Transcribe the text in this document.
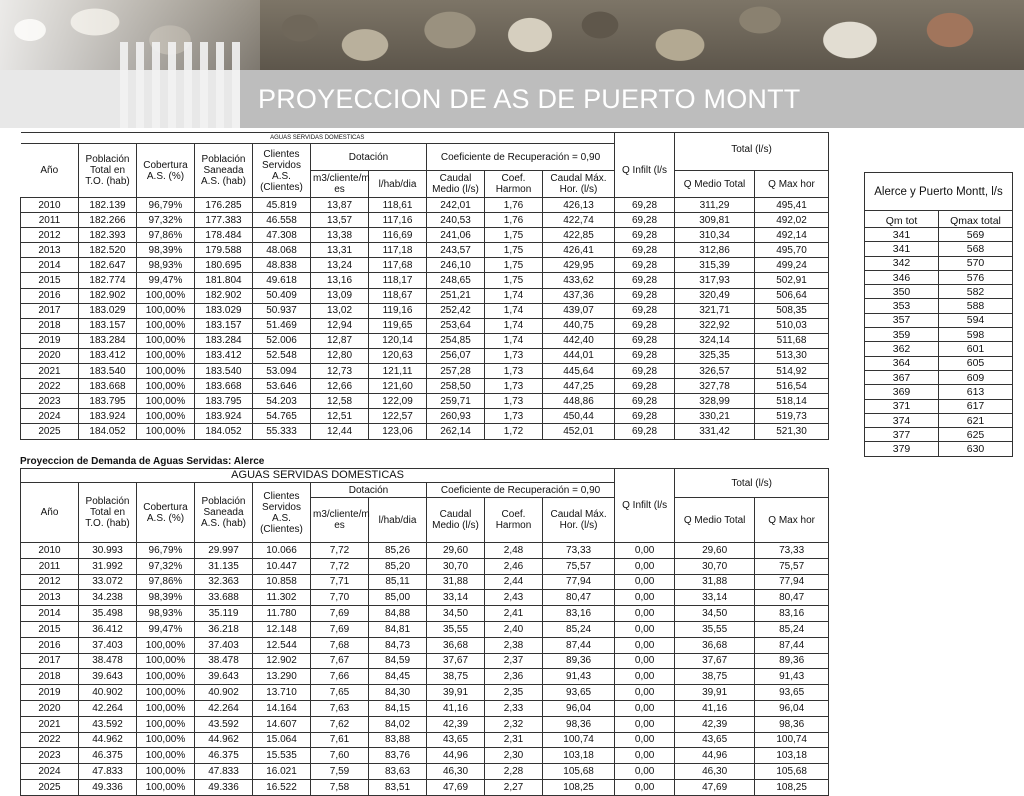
PROYECCION DE AS DE PUERTO MONTT
AGUAS SERVIDAS DOMESTICAS												
Año	Población Total en T.O. (hab)	Cobertura A.S. (%)	Población Saneada A.S. (hab)	Clientes Servidos A.S. (Clientes)	Dotación		Coeficiente de Recuperación = 0,90			Q Infilt (l/s	Total (l/s)	
					m3/cliente/m es	l/hab/dia	Caudal Medio (l/s)	Coef. Harmon	Caudal Máx. Hor. (l/s)		Q Medio Total	Q Max hor
2010	182.139	96,79%	176.285	45.819	13,87	118,61	242,01	1,76	426,13	69,28	311,29	495,41
2011	182.266	97,32%	177.383	46.558	13,57	117,16	240,53	1,76	422,74	69,28	309,81	492,02
2012	182.393	97,86%	178.484	47.308	13,38	116,69	241,06	1,75	422,85	69,28	310,34	492,14
2013	182.520	98,39%	179.588	48.068	13,31	117,18	243,57	1,75	426,41	69,28	312,86	495,70
2014	182.647	98,93%	180.695	48.838	13,24	117,68	246,10	1,75	429,95	69,28	315,39	499,24
2015	182.774	99,47%	181.804	49.618	13,16	118,17	248,65	1,75	433,62	69,28	317,93	502,91
2016	182.902	100,00%	182.902	50.409	13,09	118,67	251,21	1,74	437,36	69,28	320,49	506,64
2017	183.029	100,00%	183.029	50.937	13,02	119,16	252,42	1,74	439,07	69,28	321,71	508,35
2018	183.157	100,00%	183.157	51.469	12,94	119,65	253,64	1,74	440,75	69,28	322,92	510,03
2019	183.284	100,00%	183.284	52.006	12,87	120,14	254,85	1,74	442,40	69,28	324,14	511,68
2020	183.412	100,00%	183.412	52.548	12,80	120,63	256,07	1,73	444,01	69,28	325,35	513,30
2021	183.540	100,00%	183.540	53.094	12,73	121,11	257,28	1,73	445,64	69,28	326,57	514,92
2022	183.668	100,00%	183.668	53.646	12,66	121,60	258,50	1,73	447,25	69,28	327,78	516,54
2023	183.795	100,00%	183.795	54.203	12,58	122,09	259,71	1,73	448,86	69,28	328,99	518,14
2024	183.924	100,00%	183.924	54.765	12,51	122,57	260,93	1,73	450,44	69,28	330,21	519,73
2025	184.052	100,00%	184.052	55.333	12,44	123,06	262,14	1,72	452,01	69,28	331,42	521,30
Proyeccion de Demanda de Aguas Servidas: Alerce
AGUAS SERVIDAS DOMESTICAS										Q Infilt (l/s	Total (l/s)	
Año	Población Total en T.O. (hab)	Cobertura A.S. (%)	Población Saneada A.S. (hab)	Clientes Servidos A.S. (Clientes)	Dotación		Coeficiente de Recuperación = 0,90					
					m3/cliente/m es	l/hab/dia	Caudal Medio (l/s)	Coef. Harmon	Caudal Máx. Hor. (l/s)		Q Medio Total	Q Max hor
2010	30.993	96,79%	29.997	10.066	7,72	85,26	29,60	2,48	73,33	0,00	29,60	73,33
2011	31.992	97,32%	31.135	10.447	7,72	85,20	30,70	2,46	75,57	0,00	30,70	75,57
2012	33.072	97,86%	32.363	10.858	7,71	85,11	31,88	2,44	77,94	0,00	31,88	77,94
2013	34.238	98,39%	33.688	11.302	7,70	85,00	33,14	2,43	80,47	0,00	33,14	80,47
2014	35.498	98,93%	35.119	11.780	7,69	84,88	34,50	2,41	83,16	0,00	34,50	83,16
2015	36.412	99,47%	36.218	12.148	7,69	84,81	35,55	2,40	85,24	0,00	35,55	85,24
2016	37.403	100,00%	37.403	12.544	7,68	84,73	36,68	2,38	87,44	0,00	36,68	87,44
2017	38.478	100,00%	38.478	12.902	7,67	84,59	37,67	2,37	89,36	0,00	37,67	89,36
2018	39.643	100,00%	39.643	13.290	7,66	84,45	38,75	2,36	91,43	0,00	38,75	91,43
2019	40.902	100,00%	40.902	13.710	7,65	84,30	39,91	2,35	93,65	0,00	39,91	93,65
2020	42.264	100,00%	42.264	14.164	7,63	84,15	41,16	2,33	96,04	0,00	41,16	96,04
2021	43.592	100,00%	43.592	14.607	7,62	84,02	42,39	2,32	98,36	0,00	42,39	98,36
2022	44.962	100,00%	44.962	15.064	7,61	83,88	43,65	2,31	100,74	0,00	43,65	100,74
2023	46.375	100,00%	46.375	15.535	7,60	83,76	44,96	2,30	103,18	0,00	44,96	103,18
2024	47.833	100,00%	47.833	16.021	7,59	83,63	46,30	2,28	105,68	0,00	46,30	105,68
2025	49.336	100,00%	49.336	16.522	7,58	83,51	47,69	2,27	108,25	0,00	47,69	108,25
Alerce y Puerto Montt, l/s	
Qm tot	Qmax total
341	569
341	568
342	570
346	576
350	582
353	588
357	594
359	598
362	601
364	605
367	609
369	613
371	617
374	621
377	625
379	630
